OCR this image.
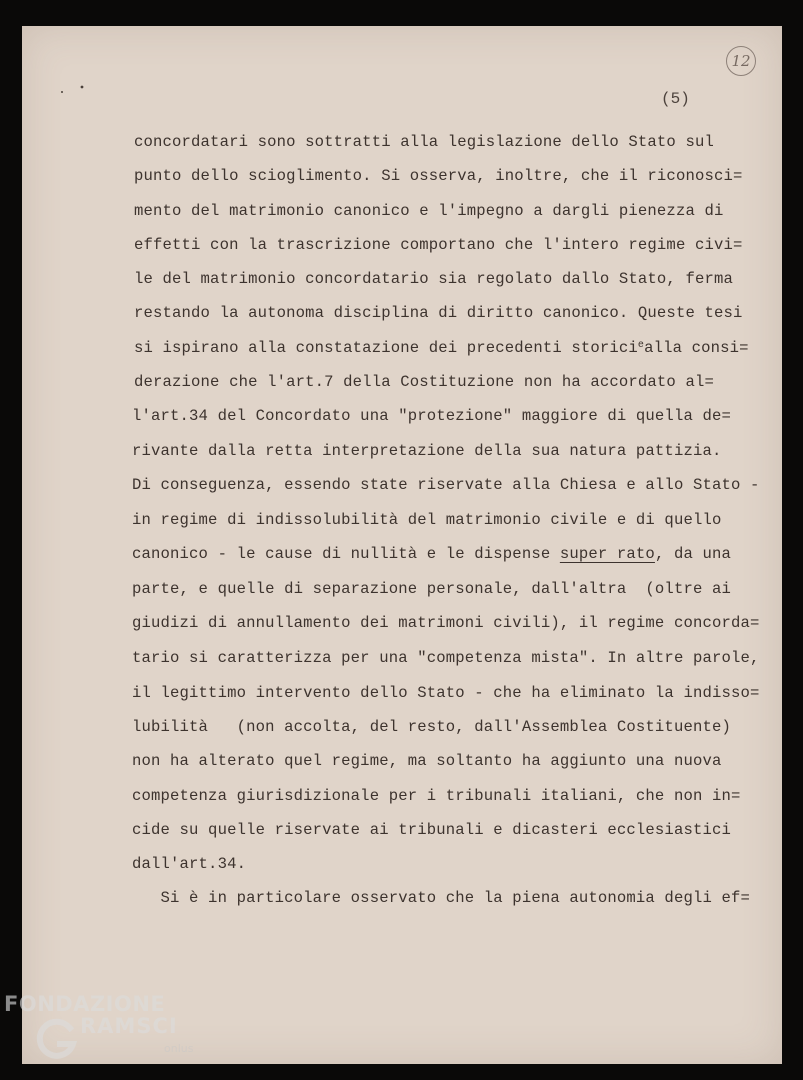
12
(5)
concordatari sono sottratti alla legislazione dello Stato sul
punto dello scioglimento. Si osserva, inoltre, che il riconosci=
mento del matrimonio canonico e l'impegno a dargli pienezza di
effetti con la trascrizione comportano che l'intero regime civi=
le del matrimonio concordatario sia regolato dallo Stato, ferma
restando la autonoma disciplina di diritto canonico. Queste tesi
si ispirano alla constatazione dei precedenti storici$^e$alla consi=
derazione che l'art.7 della Costituzione non ha accordato al=
l'art.34 del Concordato una "protezione" maggiore di quella de=
rivante dalla retta interpretazione della sua natura pattizia.
Di conseguenza, essendo state riservate alla Chiesa e allo Stato -
in regime di indissolubilità del matrimonio civile e di quello
canonico - le cause di nullità e le dispense super rato, da una
parte, e quelle di separazione personale, dall'altra  (oltre ai
giudizi di annullamento dei matrimoni civili), il regime concorda=
tario si caratterizza per una "competenza mista". In altre parole,
il legittimo intervento dello Stato - che ha eliminato la indisso=
lubilità   (non accolta, del resto, dall'Assemblea Costituente)
non ha alterato quel regime, ma soltanto ha aggiunto una nuova
competenza giurisdizionale per i tribunali italiani, che non in=
cide su quelle riservate ai tribunali e dicasteri ecclesiastici
dall'art.34.
Si è in particolare osservato che la piena autonomia degli ef=
FONDAZIONE
RAMSCI
onlus
